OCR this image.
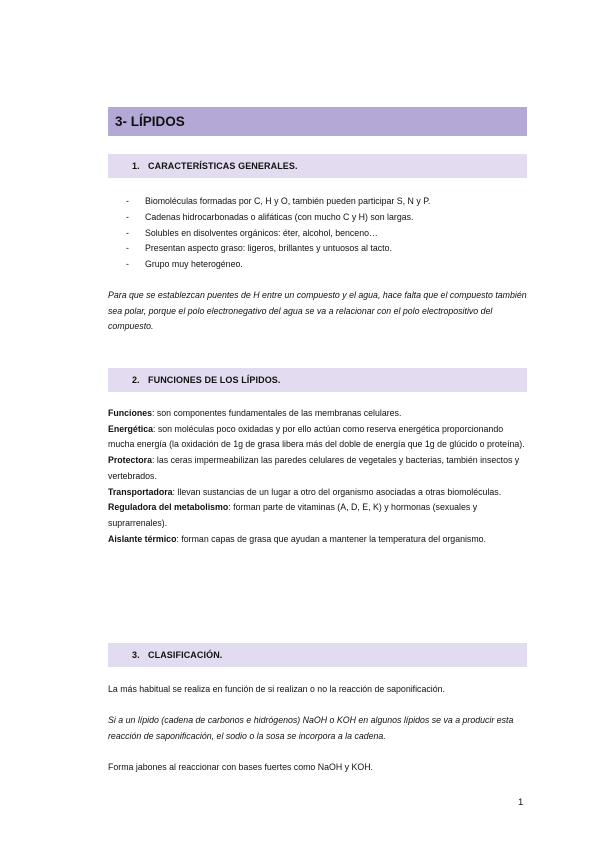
3- LÍPIDOS
1. CARACTERÍSTICAS GENERALES.
- Biomoléculas formadas por C, H y O, también pueden participar S, N y P.
- Cadenas hidrocarbonadas o alifáticas (con mucho C y H) son largas.
- Solubles en disolventes orgánicos: éter, alcohol, benceno…
- Presentan aspecto graso: ligeros, brillantes y untuosos al tacto.
- Grupo muy heterogéneo.

Para que se establezcan puentes de H entre un compuesto y el agua, hace falta que el compuesto también sea polar, porque el polo electronegativo del agua se va a relacionar con el polo electropositivo del compuesto.

2. FUNCIONES DE LOS LÍPIDOS.

Funciones: son componentes fundamentales de las membranas celulares.

Energética: son moléculas poco oxidadas y por ello actúan como reserva energética proporcionando mucha energía (la oxidación de 1g de grasa libera más del doble de energía que 1g de glúcido o proteína).

Protectora: las ceras impermeabilizan las paredes celulares de vegetales y bacterias, también insectos y vertebrados.

Transportadora: llevan sustancias de un lugar a otro del organismo asociadas a otras biomoléculas.

Reguladora del metabolismo: forman parte de vitaminas (A, D, E, K) y hormonas (sexuales y suprarrenales).

Aislante térmico: forman capas de grasa que ayudan a mantener la temperatura del organismo.

3. CLASIFICACIÓN.

La más habitual se realiza en función de si realizan o no la reacción de saponificación.

Si a un lípido (cadena de carbonos e hidrógenos) NaOH o KOH en algunos lípidos se va a producir esta reacción de saponificación, el sodio o la sosa se incorpora a la cadena.

Forma jabones al reaccionar con bases fuertes como NaOH y KOH.

1
